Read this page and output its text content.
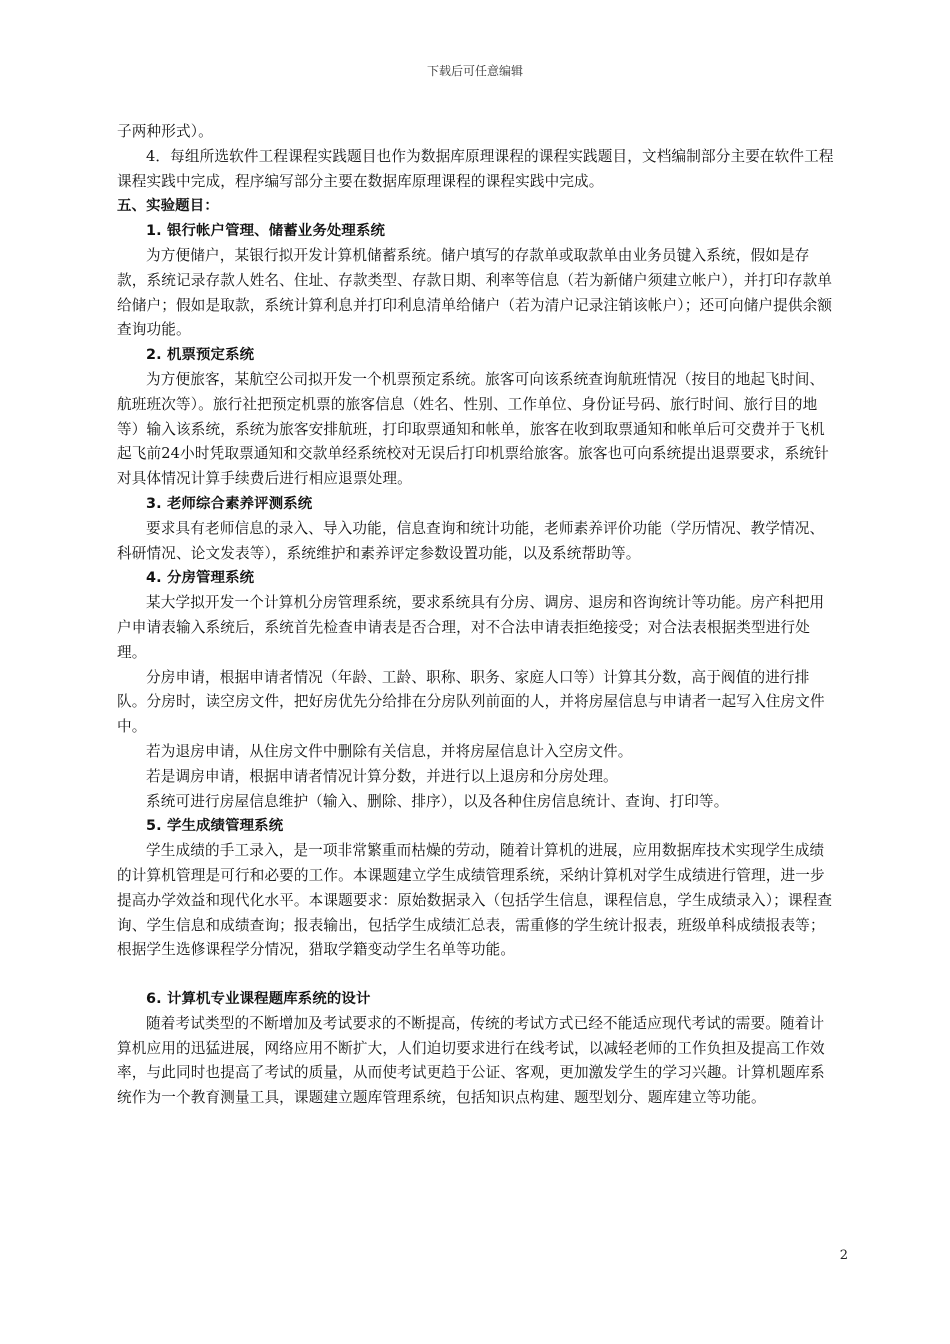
下载后可任意编辑

子两种形式）。

4．每组所选软件工程课程实践题目也作为数据库原理课程的课程实践题目，文档编制部分主要在软件工程课程实践中完成，程序编写部分主要在数据库原理课程的课程实践中完成。

五、实验题目：

1. 银行帐户管理、储蓄业务处理系统

为方便储户，某银行拟开发计算机储蓄系统。储户填写的存款单或取款单由业务员键入系统，假如是存款，系统记录存款人姓名、住址、存款类型、存款日期、利率等信息（若为新储户须建立帐户），并打印存款单给储户；假如是取款，系统计算利息并打印利息清单给储户（若为清户记录注销该帐户）；还可向储户提供余额查询功能。

2. 机票预定系统

为方便旅客，某航空公司拟开发一个机票预定系统。旅客可向该系统查询航班情况（按目的地起飞时间、航班班次等）。旅行社把预定机票的旅客信息（姓名、性别、工作单位、身份证号码、旅行时间、旅行目的地等）输入该系统，系统为旅客安排航班，打印取票通知和帐单，旅客在收到取票通知和帐单后可交费并于飞机起飞前24小时凭取票通知和交款单经系统校对无误后打印机票给旅客。旅客也可向系统提出退票要求，系统针对具体情况计算手续费后进行相应退票处理。

3. 老师综合素养评测系统

要求具有老师信息的录入、导入功能，信息查询和统计功能，老师素养评价功能（学历情况、教学情况、科研情况、论文发表等），系统维护和素养评定参数设置功能，以及系统帮助等。

4. 分房管理系统

某大学拟开发一个计算机分房管理系统，要求系统具有分房、调房、退房和咨询统计等功能。房产科把用户申请表输入系统后，系统首先检查申请表是否合理，对不合法申请表拒绝接受；对合法表根据类型进行处理。

分房申请，根据申请者情况（年龄、工龄、职称、职务、家庭人口等）计算其分数，高于阀值的进行排队。分房时，读空房文件，把好房优先分给排在分房队列前面的人，并将房屋信息与申请者一起写入住房文件中。

若为退房申请，从住房文件中删除有关信息，并将房屋信息计入空房文件。

若是调房申请，根据申请者情况计算分数，并进行以上退房和分房处理。

系统可进行房屋信息维护（输入、删除、排序），以及各种住房信息统计、查询、打印等。

5. 学生成绩管理系统

学生成绩的手工录入，是一项非常繁重而枯燥的劳动，随着计算机的进展，应用数据库技术实现学生成绩的计算机管理是可行和必要的工作。本课题建立学生成绩管理系统，采纳计算机对学生成绩进行管理，进一步提高办学效益和现代化水平。本课题要求：原始数据录入（包括学生信息，课程信息，学生成绩录入）；课程查询、学生信息和成绩查询；报表输出，包括学生成绩汇总表，需重修的学生统计报表，班级单科成绩报表等；根据学生选修课程学分情况，猎取学籍变动学生名单等功能。

6. 计算机专业课程题库系统的设计

随着考试类型的不断增加及考试要求的不断提高，传统的考试方式已经不能适应现代考试的需要。随着计算机应用的迅猛进展，网络应用不断扩大，人们迫切要求进行在线考试，以减轻老师的工作负担及提高工作效率，与此同时也提高了考试的质量，从而使考试更趋于公证、客观，更加激发学生的学习兴趣。计算机题库系统作为一个教育测量工具，课题建立题库管理系统，包括知识点构建、题型划分、题库建立等功能。

2
